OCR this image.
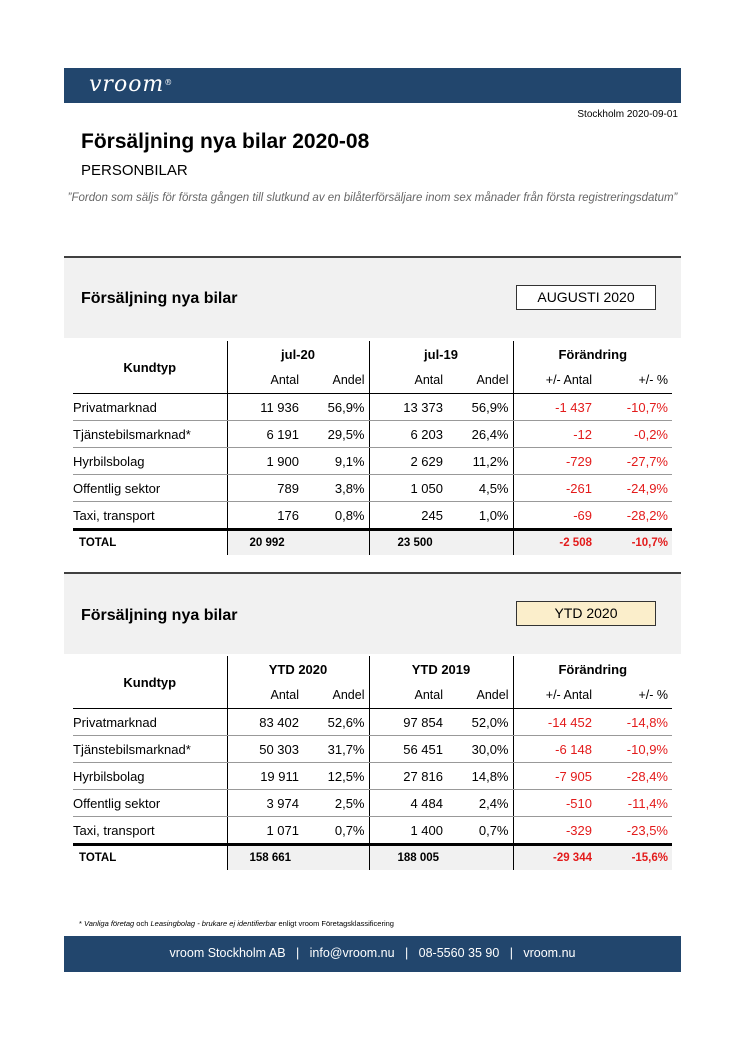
vroom®
Stockholm 2020-09-01
Försäljning nya bilar 2020-08
PERSONBILAR
”Fordon som säljs för första gången till slutkund av en bilåterförsäljare inom sex månader från första registreringsdatum”
Försäljning nya bilar	AUGUSTI 2020
Kundtyp	jul-20		jul-19		Förändring	
	Antal	Andel	Antal	Andel	+/- Antal	+/- %
Privatmarknad	11 936	56,9%	13 373	56,9%	-1 437	-10,7%
Tjänstebilsmarknad*	6 191	29,5%	6 203	26,4%	-12	-0,2%
Hyrbilsbolag	1 900	9,1%	2 629	11,2%	-729	-27,7%
Offentlig sektor	789	3,8%	1 050	4,5%	-261	-24,9%
Taxi, transport	176	0,8%	245	1,0%	-69	-28,2%
TOTAL	20 992		23 500		-2 508	-10,7%
Försäljning nya bilar	YTD 2020
Kundtyp	YTD 2020		YTD 2019		Förändring	
	Antal	Andel	Antal	Andel	+/- Antal	+/- %
Privatmarknad	83 402	52,6%	97 854	52,0%	-14 452	-14,8%
Tjänstebilsmarknad*	50 303	31,7%	56 451	30,0%	-6 148	-10,9%
Hyrbilsbolag	19 911	12,5%	27 816	14,8%	-7 905	-28,4%
Offentlig sektor	3 974	2,5%	4 484	2,4%	-510	-11,4%
Taxi, transport	1 071	0,7%	1 400	0,7%	-329	-23,5%
TOTAL	158 661		188 005		-29 344	-15,6%
* Vanliga företag och Leasingbolag - brukare ej identifierbar enligt vroom Företagsklassificering
vroom Stockholm AB   |   info@vroom.nu   |   08-5560 35 90   |   vroom.nu
